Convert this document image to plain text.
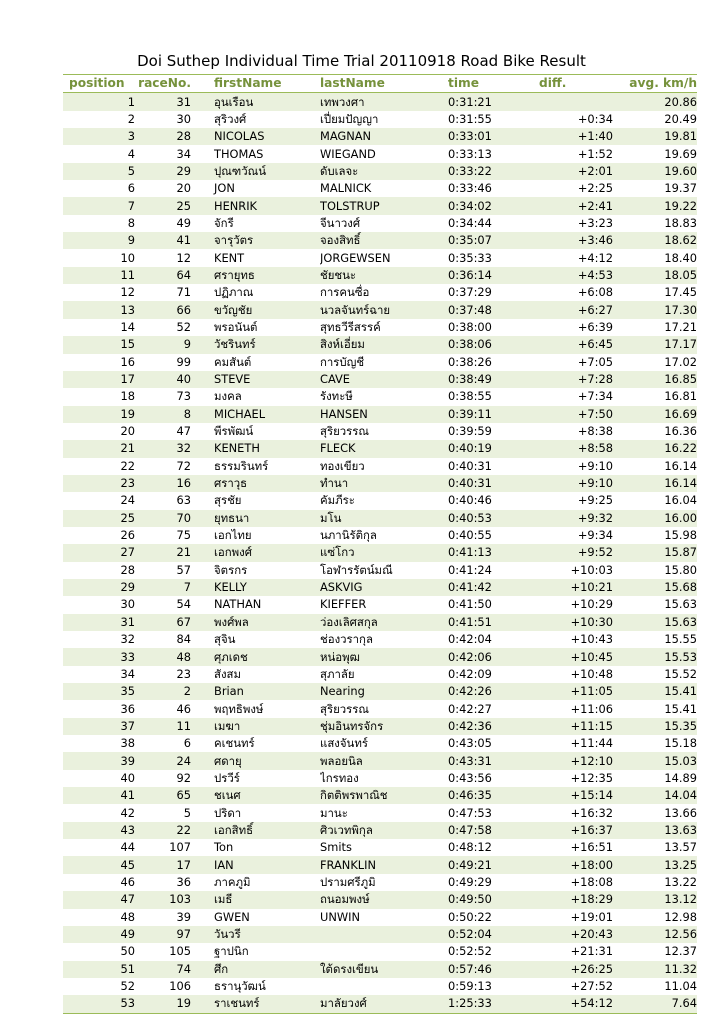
Doi Suthep Individual Time Trial 20110918 Road Bike Result
position	raceNo.	firstName	lastName	time	diff.	avg. km/h
1	31	อุนเรือน	เทพวงศา	0:31:21		20.86
2	30	สุริวงศ์	เปี่ยมปัญญา	0:31:55	+0:34	20.49
3	28	NICOLAS	MAGNAN	0:33:01	+1:40	19.81
4	34	THOMAS	WIEGAND	0:33:13	+1:52	19.69
5	29	ปุณฑวัณน์	ดับเลจะ	0:33:22	+2:01	19.60
6	20	JON	MALNICK	0:33:46	+2:25	19.37
7	25	HENRIK	TOLSTRUP	0:34:02	+2:41	19.22
8	49	จักรี	จีนาวงศ์	0:34:44	+3:23	18.83
9	41	จารุวัตร	จองสิทธิ์	0:35:07	+3:46	18.62
10	12	KENT	JORGEWSEN	0:35:33	+4:12	18.40
11	64	ศรายุทธ	ชัยชนะ	0:36:14	+4:53	18.05
12	71	ปฏิภาณ	การคนซื่อ	0:37:29	+6:08	17.45
13	66	ขวัญชัย	นวลจันทร์ฉาย	0:37:48	+6:27	17.30
14	52	พรอนันต์	สุทธวีรีสรรค์	0:38:00	+6:39	17.21
15	9	วัชรินทร์	สิงห์เอี่ยม	0:38:06	+6:45	17.17
16	99	คมสันต์	การบัญชี	0:38:26	+7:05	17.02
17	40	STEVE	CAVE	0:38:49	+7:28	16.85
18	73	มงคล	รังทะษี	0:38:55	+7:34	16.81
19	8	MICHAEL	HANSEN	0:39:11	+7:50	16.69
20	47	พีรพัฒน์	สุริยวรรณ	0:39:59	+8:38	16.36
21	32	KENETH	FLECK	0:40:19	+8:58	16.22
22	72	ธรรมรินทร์	ทองเขียว	0:40:31	+9:10	16.14
23	16	ศราวุธ	ทำนา	0:40:31	+9:10	16.14
24	63	สุรชัย	คัมภีระ	0:40:46	+9:25	16.04
25	70	ยุทธนา	มโน	0:40:53	+9:32	16.00
26	75	เอกไทย	นภานิรัติกุล	0:40:55	+9:34	15.98
27	21	เอกพงศ์	แซ่โกว	0:41:13	+9:52	15.87
28	57	จิตรกร	โอฬารรัตน์มณี	0:41:24	+10:03	15.80
29	7	KELLY	ASKVIG	0:41:42	+10:21	15.68
30	54	NATHAN	KIEFFER	0:41:50	+10:29	15.63
31	67	พงศ์พล	ว่องเลิศสกุล	0:41:51	+10:30	15.63
32	84	สุจิน	ช่องวรากุล	0:42:04	+10:43	15.55
33	48	ศุภเดช	หน่อพุฒ	0:42:06	+10:45	15.53
34	23	สังสม	สุภาลัย	0:42:09	+10:48	15.52
35	2	Brian	Nearing	0:42:26	+11:05	15.41
36	46	พฤทธิพงษ์	สุริยวรรณ	0:42:27	+11:06	15.41
37	11	เมฆา	ชุ่มอินทรจักร	0:42:36	+11:15	15.35
38	6	คเชนทร์	แสงจันทร์	0:43:05	+11:44	15.18
39	24	ศดายุ	พลอยนิล	0:43:31	+12:10	15.03
40	92	ปรวีร์	ไกรทอง	0:43:56	+12:35	14.89
41	65	ชเนศ	กิตติพรพาณิช	0:46:35	+15:14	14.04
42	5	ปริดา	มานะ	0:47:53	+16:32	13.66
43	22	เอกสิทธิ์	ศิวเวทพิกุล	0:47:58	+16:37	13.63
44	107	Ton	Smits	0:48:12	+16:51	13.57
45	17	IAN	FRANKLIN	0:49:21	+18:00	13.25
46	36	ภาคภูมิ	ปรามศรีภูมิ	0:49:29	+18:08	13.22
47	103	เมธี	ถนอมพงษ์	0:49:50	+18:29	13.12
48	39	GWEN	UNWIN	0:50:22	+19:01	12.98
49	97	วันวรี		0:52:04	+20:43	12.56
50	105	ฐาปนิก		0:52:52	+21:31	12.37
51	74	ศึก	ใต้ดรงเขียน	0:57:46	+26:25	11.32
52	106	ธรานุวัฒน์		0:59:13	+27:52	11.04
53	19	ราเชนทร์	มาลัยวงศ์	1:25:33	+54:12	7.64
